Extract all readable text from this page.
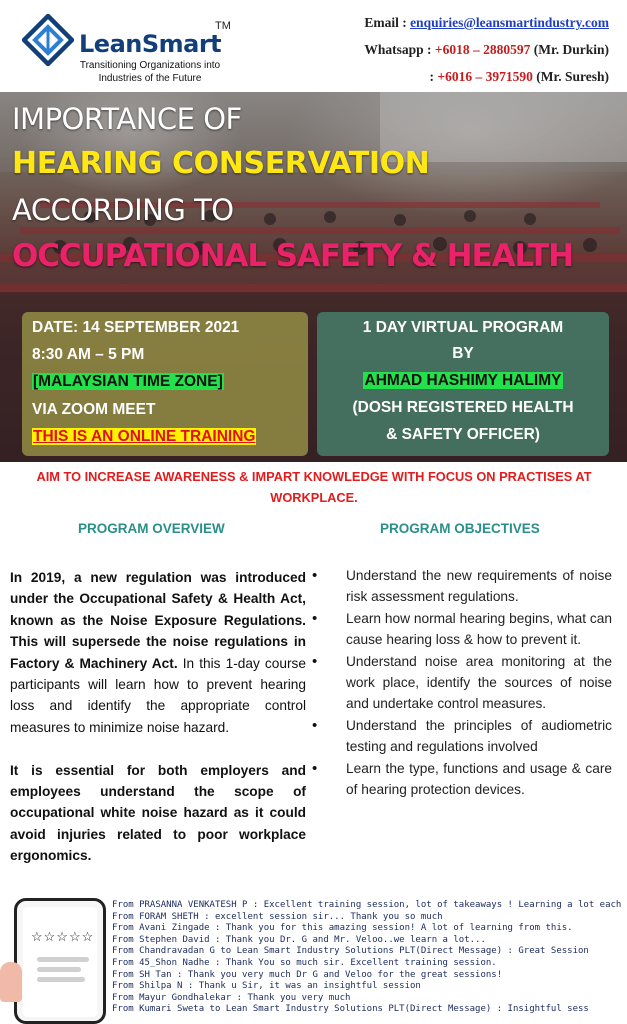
LeanSmart
TM
Transitioning Organizations into
Industries of the Future
Email : enquiries@leansmartindustry.com
Whatsapp : +6018 – 2880597 (Mr. Durkin)
: +6016 – 3971590 (Mr. Suresh)
IMPORTANCE OF
HEARING CONSERVATION
ACCORDING TO
OCCUPATIONAL SAFETY & HEALTH
DATE: 14 SEPTEMBER 2021
8:30 AM – 5 PM
[MALAYSIAN TIME ZONE]
VIA ZOOM MEET
THIS IS AN ONLINE TRAINING
1 DAY VIRTUAL PROGRAM
BY
AHMAD HASHIMY HALIMY
(DOSH REGISTERED HEALTH
& SAFETY OFFICER)
AIM TO INCREASE AWARENESS & IMPART KNOWLEDGE WITH FOCUS ON PRACTISES AT
WORKPLACE.
PROGRAM OVERVIEW	PROGRAM OBJECTIVES

In 2019, a new regulation was introduced under the Occupational Safety & Health Act, known as the Noise Exposure Regulations. This will supersede the noise regulations in Factory & Machinery Act. In this 1-day course participants will learn how to prevent hearing loss and identify the appropriate control measures to minimize noise hazard.

It is essential for both employers and employees understand the scope of occupational white noise hazard as it could avoid injuries related to poor workplace ergonomics.

• Understand the new requirements of noise risk assessment regulations.
• Learn how normal hearing begins, what can cause hearing loss & how to prevent it.
• Understand noise area monitoring at the work place, identify the sources of noise and undertake control measures.
• Understand the principles of audiometric testing and regulations involved
• Learn the type, functions and usage & care of hearing protection devices.
☆☆☆☆☆
From PRASANNA VENKATESH P : Excellent training session, lot of takeaways ! Learning a lot each
From FORAM SHETH : excellent session sir... Thank you so much
From Avani Zingade : Thank you for this amazing session! A lot of learning from this.
From Stephen David : Thank you Dr. G and Mr. Veloo..we learn a lot...
From Chandravadan G to Lean Smart Industry Solutions PLT(Direct Message) : Great Session
From 45_Shon Nadhe : Thank You so much sir. Excellent training session.
From SH Tan : Thank you very much Dr G and Veloo for the great sessions!
From Shilpa N : Thank u Sir, it was an insightful session
From Mayur Gondhalekar : Thank you very much
From Kumari Sweta to Lean Smart Industry Solutions PLT(Direct Message) : Insightful sess
